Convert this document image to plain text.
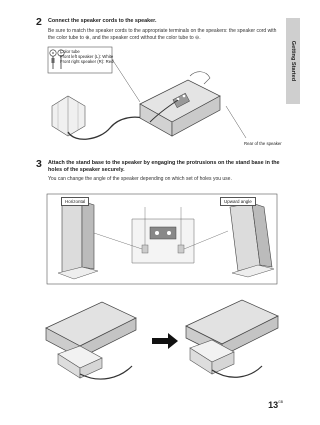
Getting Started
2 Connect the speaker cords to the speaker.
Be sure to match the speaker cords to the appropriate terminals on the speakers: the speaker cord with the color tube to ⊕, and the speaker cord without the color tube to ⊖.
Color tube
Front left speaker (L): White
Front right speaker (R): Red
Rear of the speaker
3 Attach the stand base to the speaker by engaging the protrusions on the stand base in the holes of the speaker securely.
You can change the angle of the speaker depending on which set of holes you use.
Horizontal	Upward angle
$13^{GB}$
